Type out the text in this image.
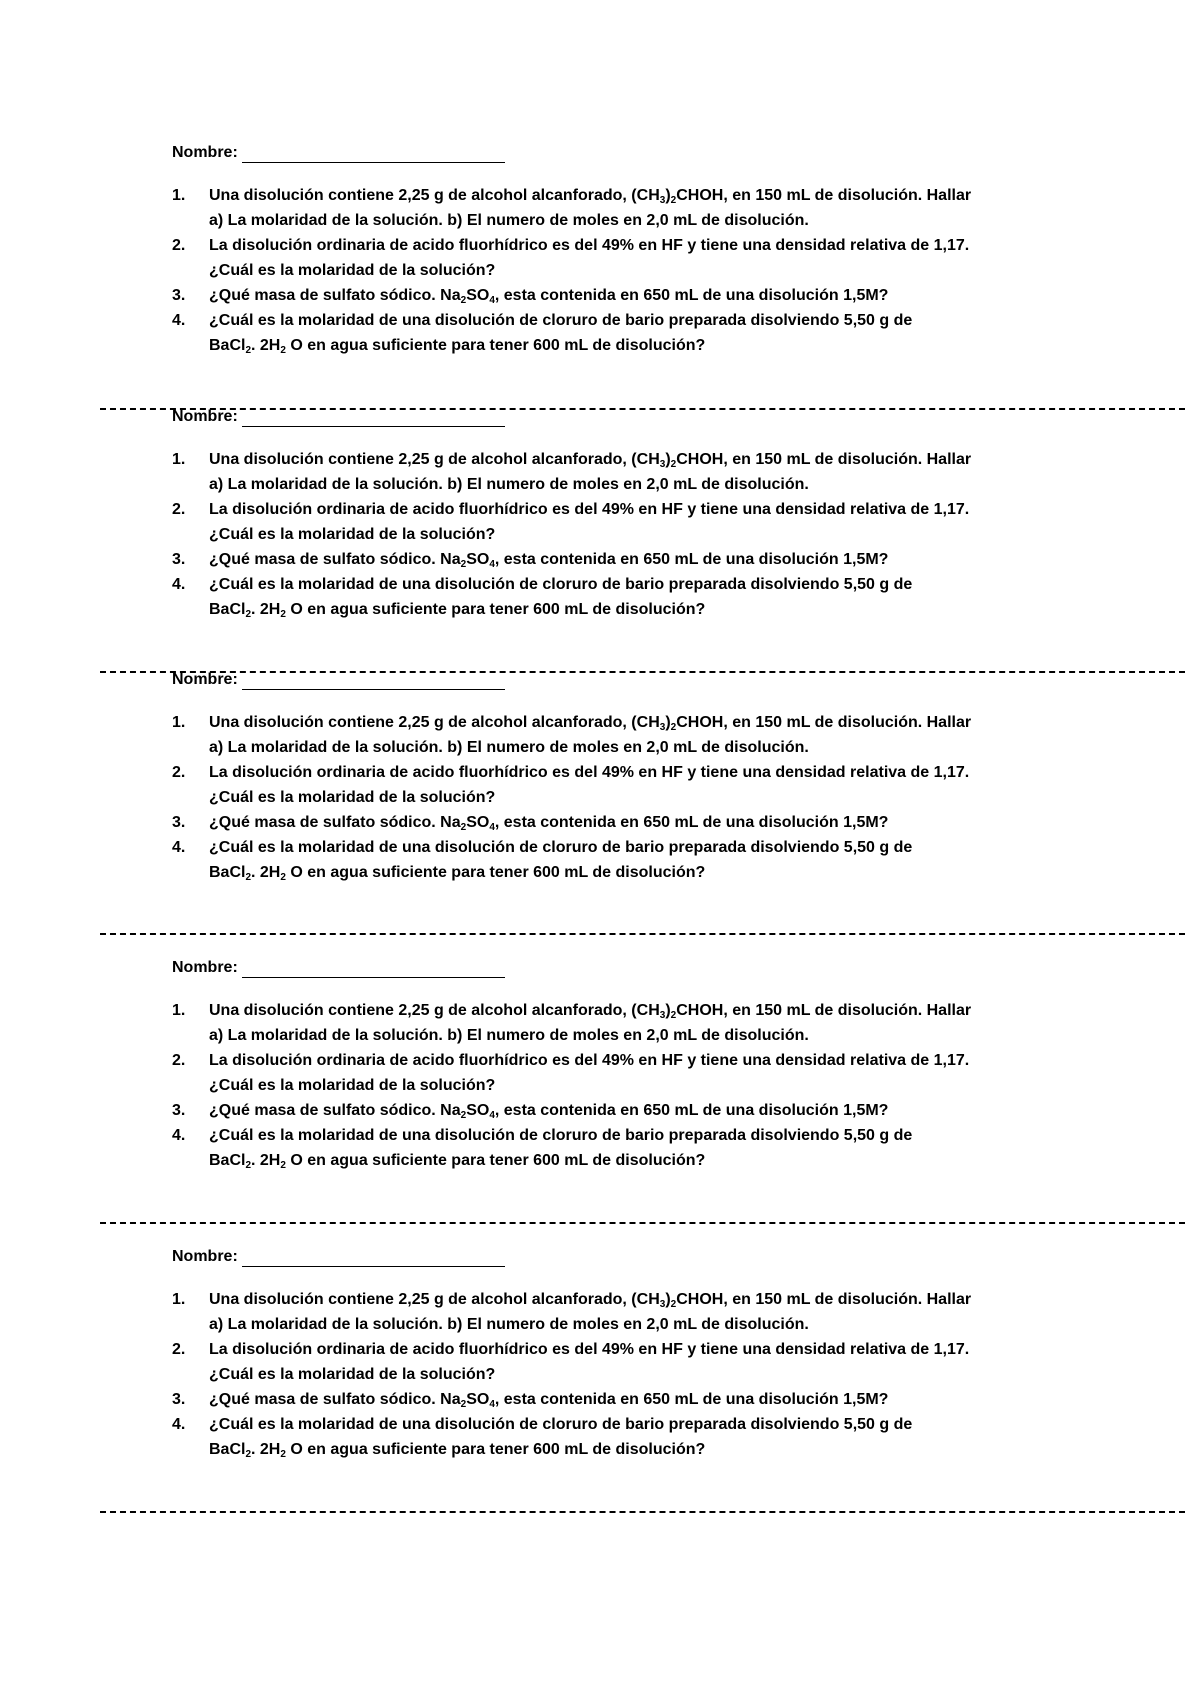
Nombre:
1. Una disolución contiene 2,25 g de alcohol alcanforado, $(CH_3)_2CHOH$, en 150 mL de disolución. Hallar
a) La molaridad de la solución. b) El numero de moles en 2,0 mL de disolución.
2. La disolución ordinaria de acido fluorhídrico es del 49% en HF y tiene una densidad relativa de 1,17.
¿Cuál es la molaridad de la solución?
3. ¿Qué masa de sulfato sódico. $Na_2SO_4$, esta contenida en 650 mL de una disolución 1,5M?
4. ¿Cuál es la molaridad de una disolución de cloruro de bario preparada disolviendo 5,50 g de
BaCl$_2$. $2H_2$ O en agua suficiente para tener 600 mL de disolución?
Nombre:
1. Una disolución contiene 2,25 g de alcohol alcanforado, $(CH_3)_2CHOH$, en 150 mL de disolución. Hallar
a) La molaridad de la solución. b) El numero de moles en 2,0 mL de disolución.
2. La disolución ordinaria de acido fluorhídrico es del 49% en HF y tiene una densidad relativa de 1,17.
¿Cuál es la molaridad de la solución?
3. ¿Qué masa de sulfato sódico. $Na_2SO_4$, esta contenida en 650 mL de una disolución 1,5M?
4. ¿Cuál es la molaridad de una disolución de cloruro de bario preparada disolviendo 5,50 g de
BaCl$_2$. $2H_2$ O en agua suficiente para tener 600 mL de disolución?
Nombre:
1. Una disolución contiene 2,25 g de alcohol alcanforado, $(CH_3)_2CHOH$, en 150 mL de disolución. Hallar
a) La molaridad de la solución. b) El numero de moles en 2,0 mL de disolución.
2. La disolución ordinaria de acido fluorhídrico es del 49% en HF y tiene una densidad relativa de 1,17.
¿Cuál es la molaridad de la solución?
3. ¿Qué masa de sulfato sódico. $Na_2SO_4$, esta contenida en 650 mL de una disolución 1,5M?
4. ¿Cuál es la molaridad de una disolución de cloruro de bario preparada disolviendo 5,50 g de
BaCl$_2$. $2H_2$ O en agua suficiente para tener 600 mL de disolución?
Nombre:
1. Una disolución contiene 2,25 g de alcohol alcanforado, $(CH_3)_2CHOH$, en 150 mL de disolución. Hallar
a) La molaridad de la solución. b) El numero de moles en 2,0 mL de disolución.
2. La disolución ordinaria de acido fluorhídrico es del 49% en HF y tiene una densidad relativa de 1,17.
¿Cuál es la molaridad de la solución?
3. ¿Qué masa de sulfato sódico. $Na_2SO_4$, esta contenida en 650 mL de una disolución 1,5M?
4. ¿Cuál es la molaridad de una disolución de cloruro de bario preparada disolviendo 5,50 g de
BaCl$_2$. $2H_2$ O en agua suficiente para tener 600 mL de disolución?
Nombre:
1. Una disolución contiene 2,25 g de alcohol alcanforado, $(CH_3)_2CHOH$, en 150 mL de disolución. Hallar
a) La molaridad de la solución. b) El numero de moles en 2,0 mL de disolución.
2. La disolución ordinaria de acido fluorhídrico es del 49% en HF y tiene una densidad relativa de 1,17.
¿Cuál es la molaridad de la solución?
3. ¿Qué masa de sulfato sódico. $Na_2SO_4$, esta contenida en 650 mL de una disolución 1,5M?
4. ¿Cuál es la molaridad de una disolución de cloruro de bario preparada disolviendo 5,50 g de
BaCl$_2$. $2H_2$ O en agua suficiente para tener 600 mL de disolución?
